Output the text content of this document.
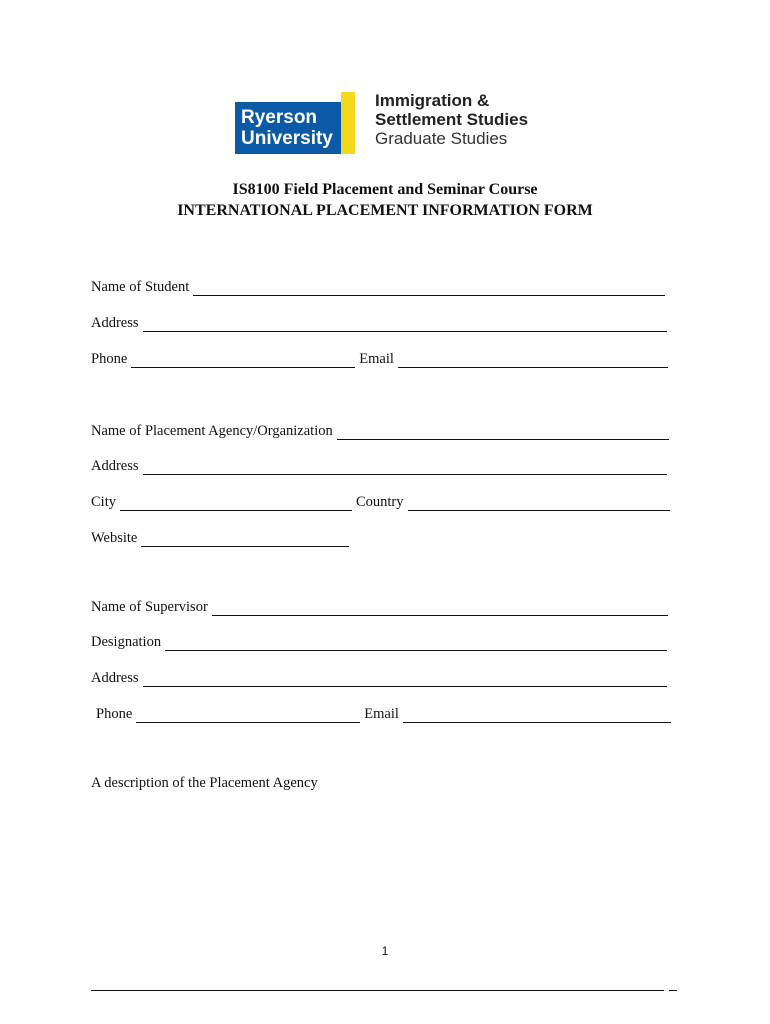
Ryerson
University
Immigration &
Settlement Studies
Graduate Studies
IS8100 Field Placement and Seminar Course
INTERNATIONAL PLACEMENT INFORMATION FORM
Name of Student
Address
Phone	Email
Name of Placement Agency/Organization
Address
City	Country
Website
Name of Supervisor
Designation
Address
Phone	Email
A description of the Placement Agency
1
